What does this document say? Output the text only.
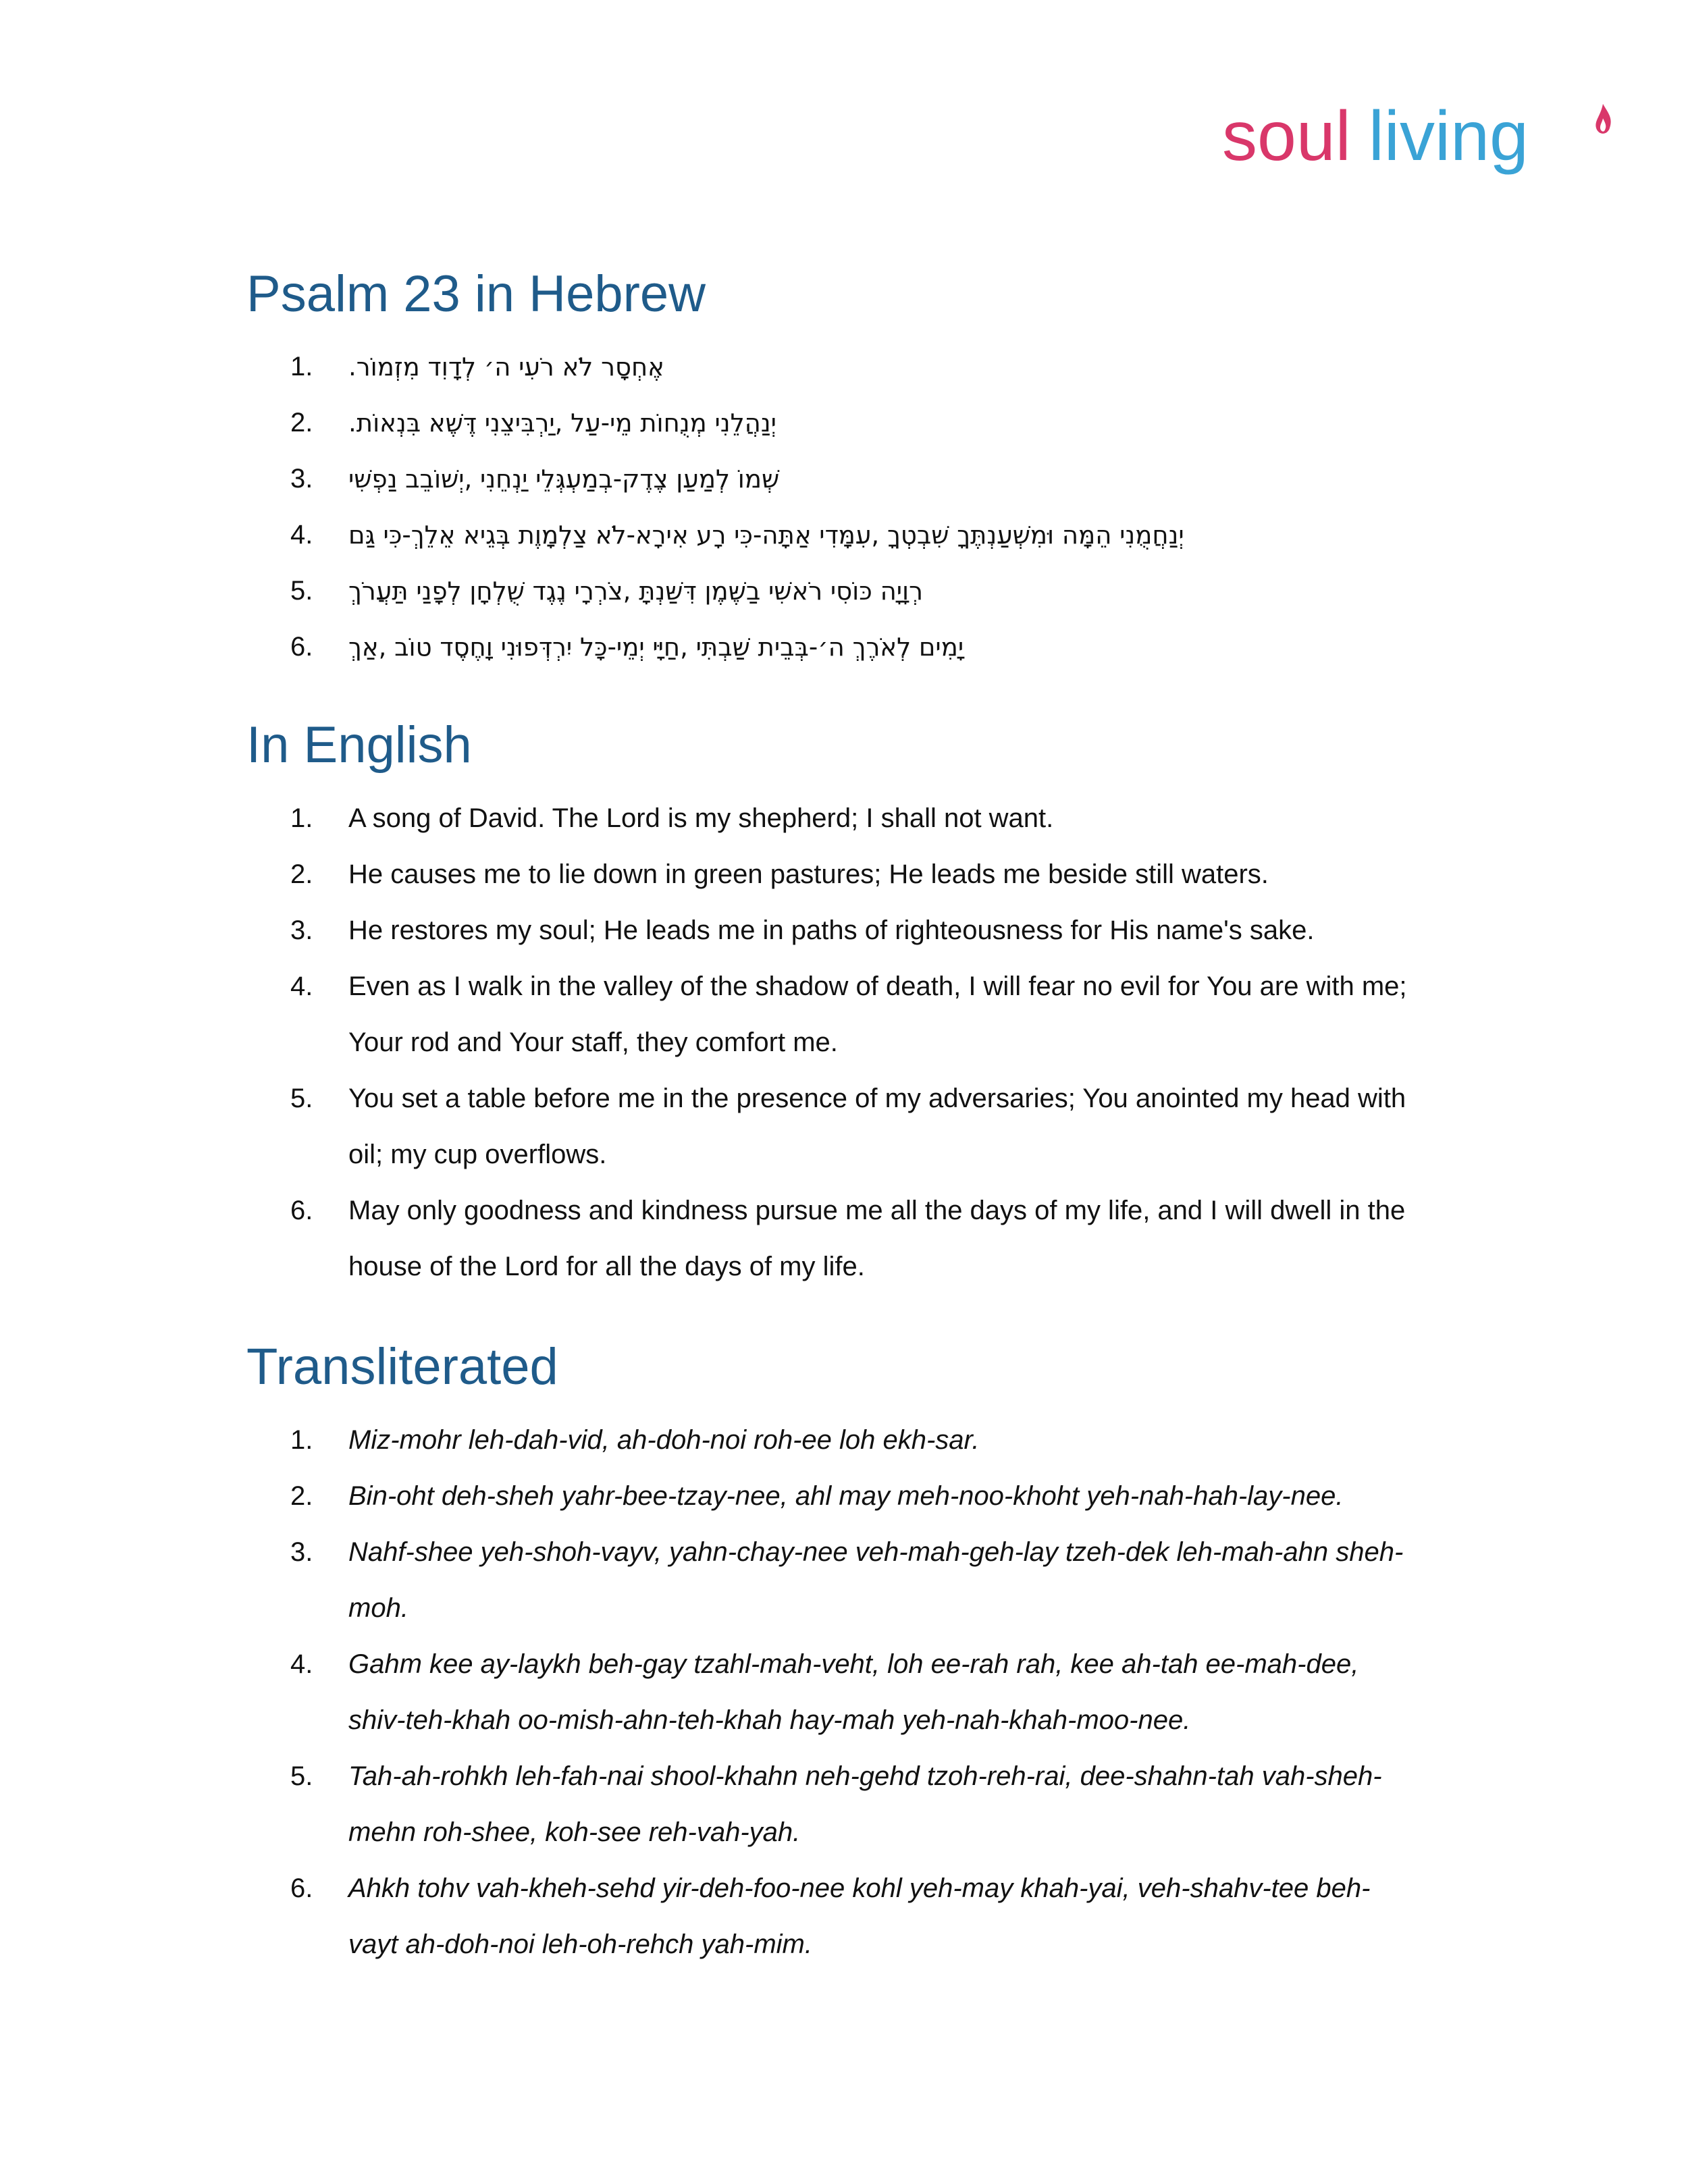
soul living
Psalm 23 in Hebrew
1. אֶחְסָר לֹא רֹעִי ה׳ לְדָוִד מִזְמוֹר.
2. יְנַהֲלֵנִי מְנֻחוֹת מֵי-עַל ,יַרְבִּיצֵנִי דֶּשֶׁא בִּנְאוֹת.
3. שְׁמוֹ לְמַעַן צֶדֶק-בְמַעְגְּלֵי יַנְחֵנִי ,יְשׁוֹבֵב נַפְשִׁי
4. יְנַחֲמֻנִי הֵמָּה וּמִשְׁעַנְתֶּךָ שִׁבְטְךָ ,עִמָּדִי אַתָּה-כִּי רָע אִירָא-לֹא צַלְמָוֶת בְּגֵיא אֵלֵךְ-כִּי גַּם
5. רְוָיָה כּוֹסִי רֹאשִׁי בַשֶּׁמֶן דִּשַּׁנְתָּ ,צֹרְרָי נֶגֶד שֻׁלְחָן לְפָנַי תַּעֲרֹךְ
6. יָמִים לְאֹרֶךְ ה׳-בְּבֵית שַׁבְתִּי ,חַיָּי יְמֵי-כָּל יִרְדְּפוּנִי וָחֶסֶד טוֹב ,אַךְ
In English
1. A song of David. The Lord is my shepherd; I shall not want.
2. He causes me to lie down in green pastures; He leads me beside still waters.
3. He restores my soul; He leads me in paths of righteousness for His name's sake.
4. Even as I walk in the valley of the shadow of death, I will fear no evil for You are with me;
Your rod and Your staff, they comfort me.
5. You set a table before me in the presence of my adversaries; You anointed my head with
oil; my cup overflows.
6. May only goodness and kindness pursue me all the days of my life, and I will dwell in the
house of the Lord for all the days of my life.
Transliterated
1. Miz-mohr leh-dah-vid, ah-doh-noi roh-ee loh ekh-sar.
2. Bin-oht deh-sheh yahr-bee-tzay-nee, ahl may meh-noo-khoht yeh-nah-hah-lay-nee.
3. Nahf-shee yeh-shoh-vayv, yahn-chay-nee veh-mah-geh-lay tzeh-dek leh-mah-ahn sheh-
moh.
4. Gahm kee ay-laykh beh-gay tzahl-mah-veht, loh ee-rah rah, kee ah-tah ee-mah-dee,
shiv-teh-khah oo-mish-ahn-teh-khah hay-mah yeh-nah-khah-moo-nee.
5. Tah-ah-rohkh leh-fah-nai shool-khahn neh-gehd tzoh-reh-rai, dee-shahn-tah vah-sheh-
mehn roh-shee, koh-see reh-vah-yah.
6. Ahkh tohv vah-kheh-sehd yir-deh-foo-nee kohl yeh-may khah-yai, veh-shahv-tee beh-
vayt ah-doh-noi leh-oh-rehch yah-mim.
